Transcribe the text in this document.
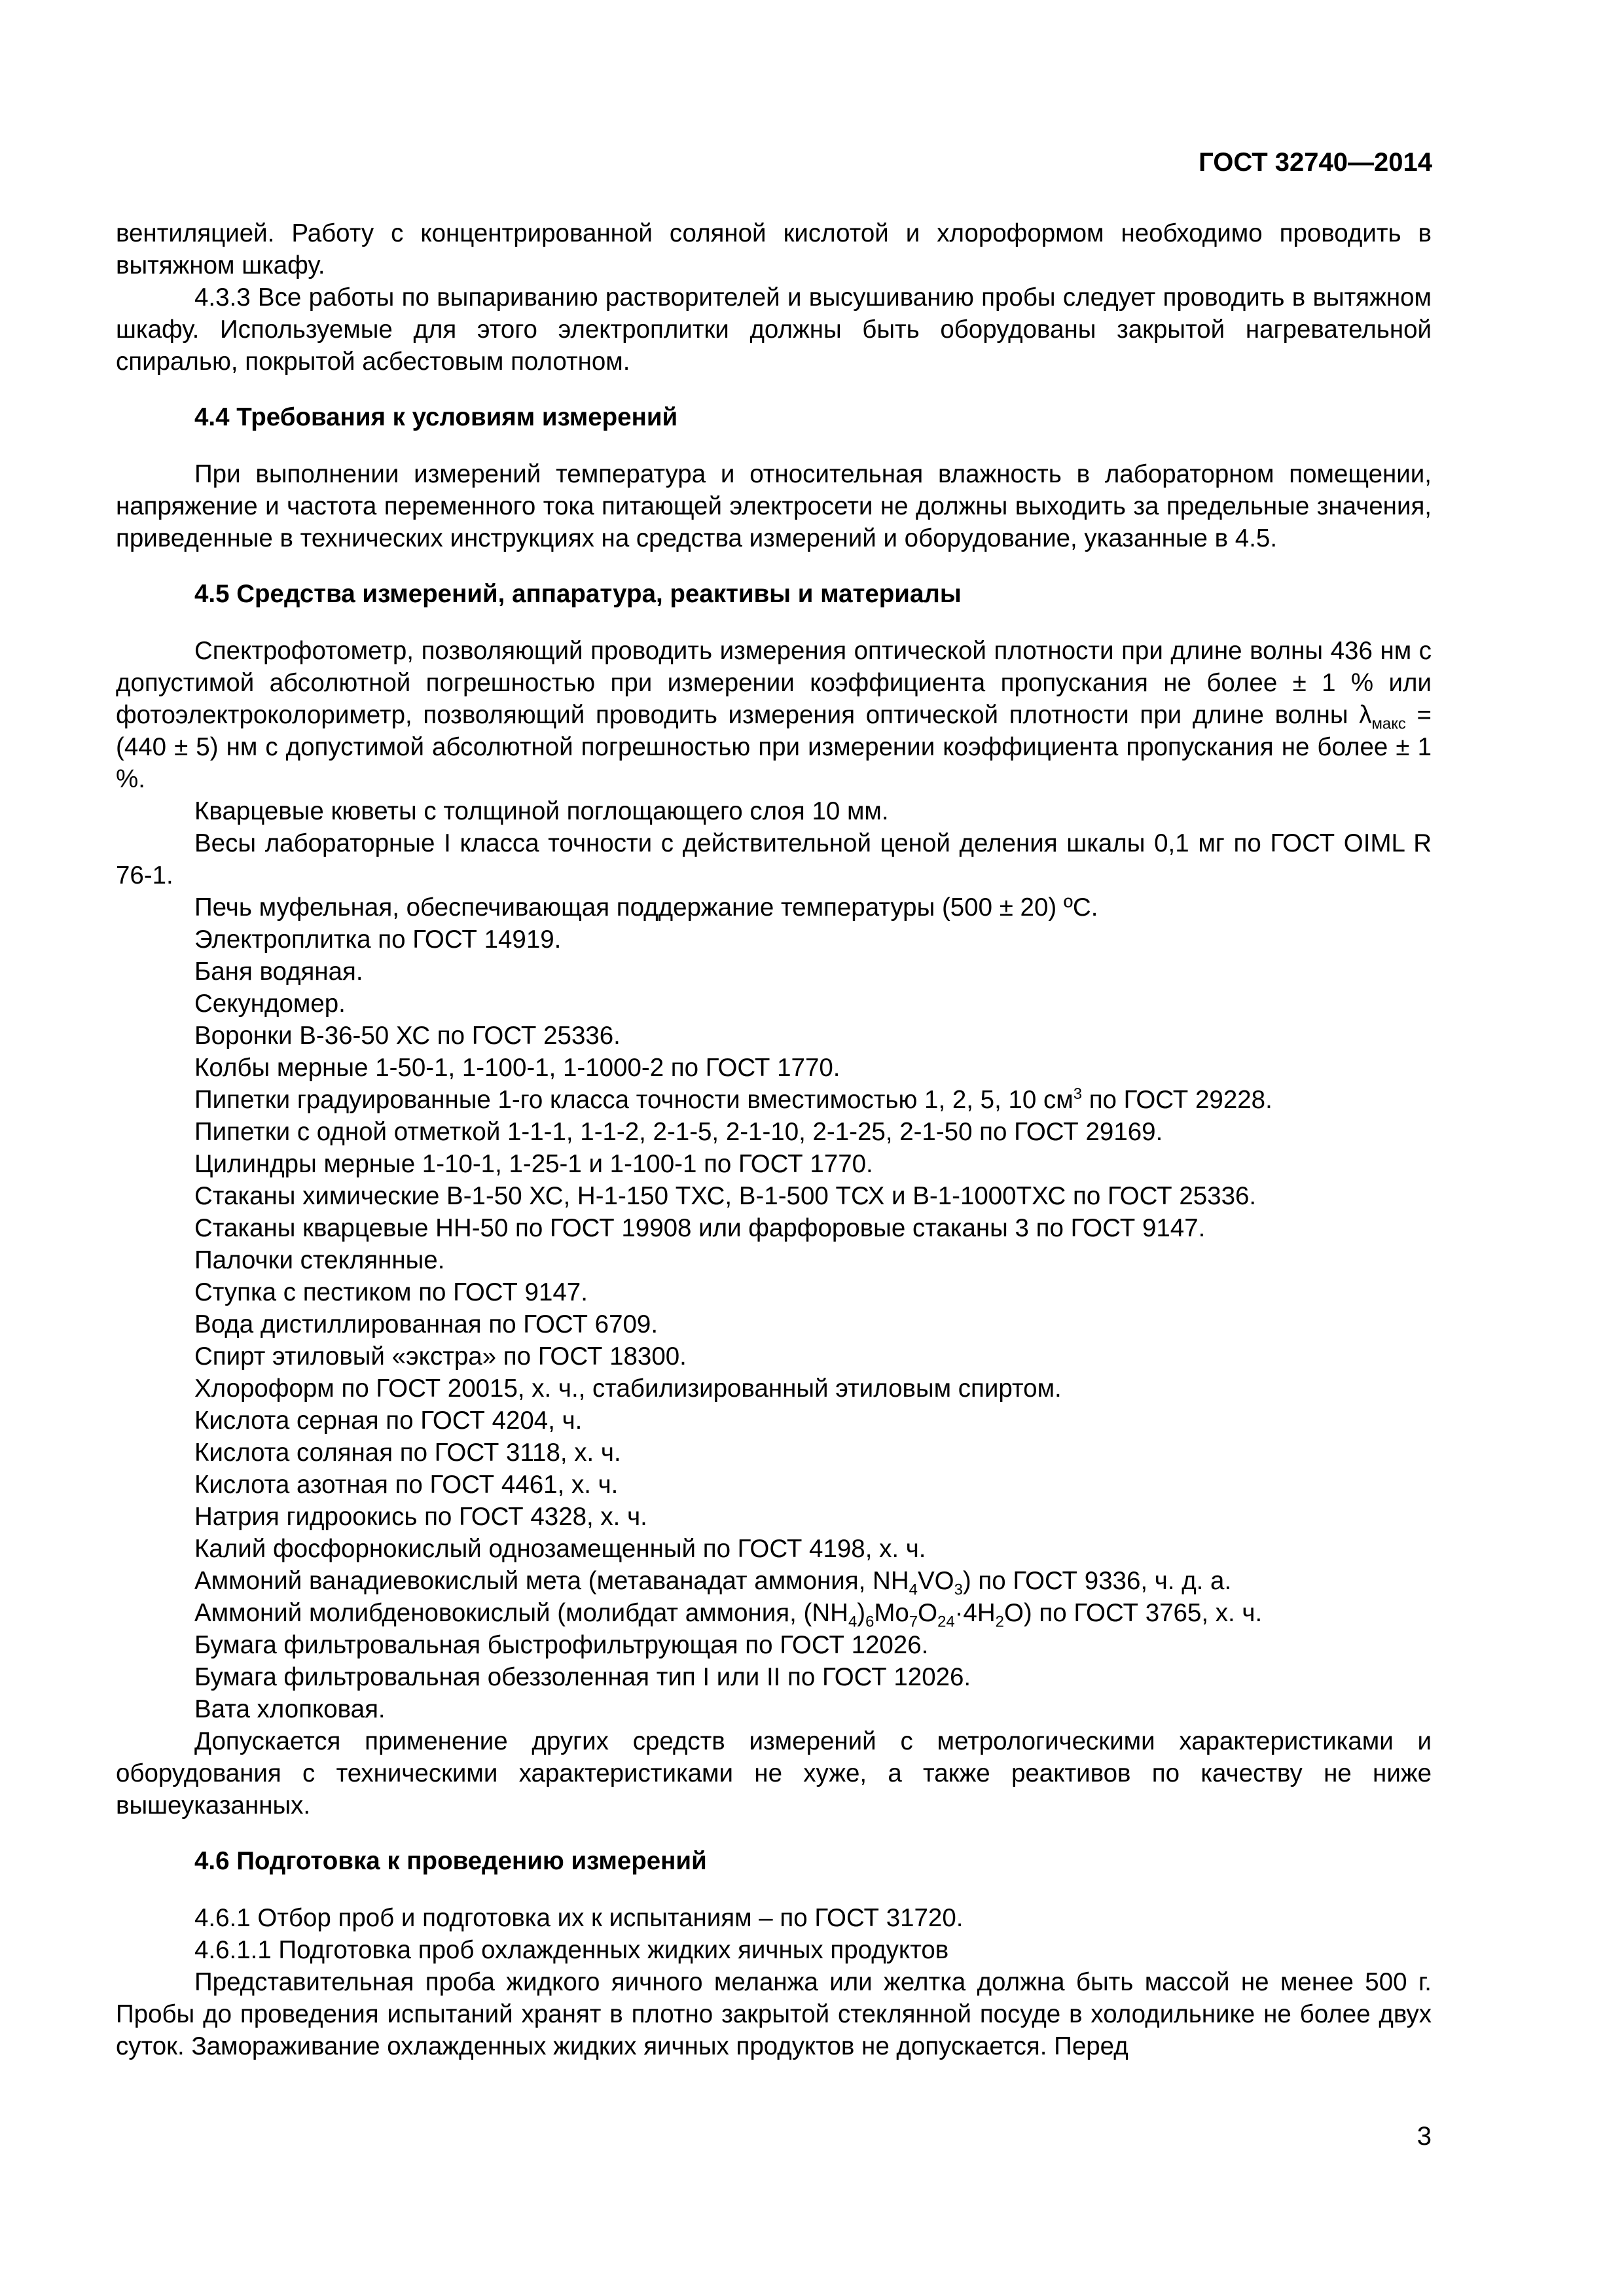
ГОСТ 32740—2014

вентиляцией. Работу с концентрированной соляной кислотой и хлороформом необходимо проводить в вытяжном шкафу.

4.3.3 Все работы по выпариванию растворителей и высушиванию пробы следует проводить в вытяжном шкафу. Используемые для этого электроплитки должны быть оборудованы закрытой нагревательной спиралью, покрытой асбестовым полотном.

4.4 Требования к условиям измерений

При выполнении измерений температура и относительная влажность в лабораторном помещении, напряжение и частота переменного тока питающей электросети не должны выходить за предельные значения, приведенные в технических инструкциях на средства измерений и оборудование, указанные в 4.5.

4.5 Средства измерений, аппаратура, реактивы и материалы

Спектрофотометр, позволяющий проводить измерения оптической плотности при длине волны 436 нм с допустимой абсолютной погрешностью при измерении коэффициента пропускания не более ± 1 % или фотоэлектроколориметр, позволяющий проводить измерения оптической плотности при длине волны $\lambda_{макс} = (440 \pm 5)$ нм с допустимой абсолютной погрешностью при измерении коэффициента пропускания не более ± 1 %.

Кварцевые кюветы с толщиной поглощающего слоя 10 мм.

Весы лабораторные I класса точности с действительной ценой деления шкалы 0,1 мг по ГОСТ OIML R 76-1.

Печь муфельная, обеспечивающая поддержание температуры (500 ± 20) ºС.

Электроплитка по ГОСТ 14919.

Баня водяная.

Секундомер.

Воронки В-36-50 ХС по ГОСТ 25336.

Колбы мерные 1-50-1, 1-100-1, 1-1000-2 по ГОСТ 1770.

Пипетки градуированные 1-го класса точности вместимостью 1, 2, 5, 10 $см^3$ по ГОСТ 29228.

Пипетки с одной отметкой 1-1-1, 1-1-2, 2-1-5, 2-1-10, 2-1-25, 2-1-50 по ГОСТ 29169.

Цилиндры мерные 1-10-1, 1-25-1 и 1-100-1 по ГОСТ 1770.

Стаканы химические В-1-50 ХС, Н-1-150 ТХС, В-1-500 ТСХ и В-1-1000ТХС по ГОСТ 25336.

Стаканы кварцевые НН-50 по ГОСТ 19908 или фарфоровые стаканы 3 по ГОСТ 9147.

Палочки стеклянные.

Ступка с пестиком по ГОСТ 9147.

Вода дистиллированная по ГОСТ 6709.

Спирт этиловый «экстра» по ГОСТ 18300.

Хлороформ по ГОСТ 20015, х. ч., стабилизированный этиловым спиртом.

Кислота серная по ГОСТ 4204, ч.

Кислота соляная по ГОСТ 3118, х. ч.

Кислота азотная по ГОСТ 4461, х. ч.

Натрия гидроокись по ГОСТ 4328, х. ч.

Калий фосфорнокислый однозамещенный по ГОСТ 4198, х. ч.

Аммоний ванадиевокислый мета (метаванадат аммония, $NH_4VO_3$) по ГОСТ 9336, ч. д. а.

Аммоний молибденовокислый (молибдат аммония, $(NH_4)_6Mo_7O_{24}\cdot 4H_2O$) по ГОСТ 3765, х. ч.

Бумага фильтровальная быстрофильтрующая по ГОСТ 12026.

Бумага фильтровальная обеззоленная тип I или II по ГОСТ 12026.

Вата хлопковая.

Допускается применение других средств измерений с метрологическими характеристиками и оборудования с техническими характеристиками не хуже, а также реактивов по качеству не ниже вышеуказанных.

4.6 Подготовка к проведению измерений

4.6.1 Отбор проб и подготовка их к испытаниям – по ГОСТ 31720.

4.6.1.1 Подготовка проб охлажденных жидких яичных продуктов

Представительная проба жидкого яичного меланжа или желтка должна быть массой не менее 500 г. Пробы до проведения испытаний хранят в плотно закрытой стеклянной посуде в холодильнике не более двух суток. Замораживание охлажденных жидких яичных продуктов не допускается. Перед

3
